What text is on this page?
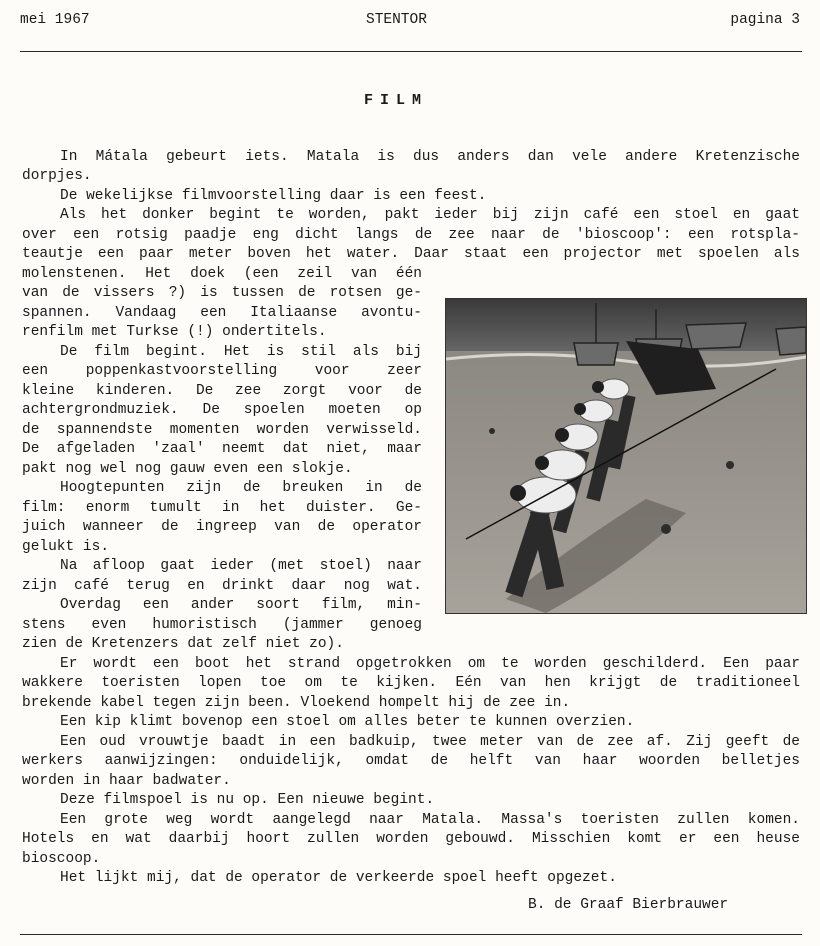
mei 1967	STENTOR	pagina 3
FILM
In Mátala gebeurt iets. Matala is dus anders dan vele andere Kretenzische
dorpjes.
De wekelijkse filmvoorstelling daar is een feest.
Als het donker begint te worden, pakt ieder bij zijn café een stoel en gaat
over een rotsig paadje eng dicht langs de zee naar de 'bioscoop': een rotspla-
teautje een paar meter boven het water. Daar staat een projector met spoelen als
molenstenen. Het doek (een zeil van één
van de vissers ?) is tussen de rotsen ge-
spannen. Vandaag een Italiaanse avontu-
renfilm met Turkse (!) ondertitels.
De film begint. Het is stil als bij
een poppenkastvoorstelling voor zeer
kleine kinderen. De zee zorgt voor de
achtergrondmuziek. De spoelen moeten op
de spannendste momenten worden verwisseld.
De afgeladen 'zaal' neemt dat niet, maar
pakt nog wel nog gauw even een slokje.
Hoogtepunten zijn de breuken in de
film: enorm tumult in het duister. Ge-
juich wanneer de ingreep van de operator
gelukt is.
Na afloop gaat ieder (met stoel) naar
zijn café terug en drinkt daar nog wat.
Overdag een ander soort film, min-
stens even humoristisch (jammer genoeg
zien de Kretenzers dat zelf niet zo).
Er wordt een boot het strand opgetrokken om te worden geschilderd. Een paar
wakkere toeristen lopen toe om te kijken. Eén van hen krijgt de traditioneel
brekende kabel tegen zijn been. Vloekend hompelt hij de zee in.
Een kip klimt bovenop een stoel om alles beter te kunnen overzien.
Een oud vrouwtje baadt in een badkuip, twee meter van de zee af. Zij geeft de
werkers aanwijzingen: onduidelijk, omdat de helft van haar woorden belletjes
worden in haar badwater.
Deze filmspoel is nu op. Een nieuwe begint.
Een grote weg wordt aangelegd naar Matala. Massa's toeristen zullen komen.
Hotels en wat daarbij hoort zullen worden gebouwd. Misschien komt er een heuse
bioscoop.
Het lijkt mij, dat de operator de verkeerde spoel heeft opgezet.
B. de Graaf Bierbrauwer
